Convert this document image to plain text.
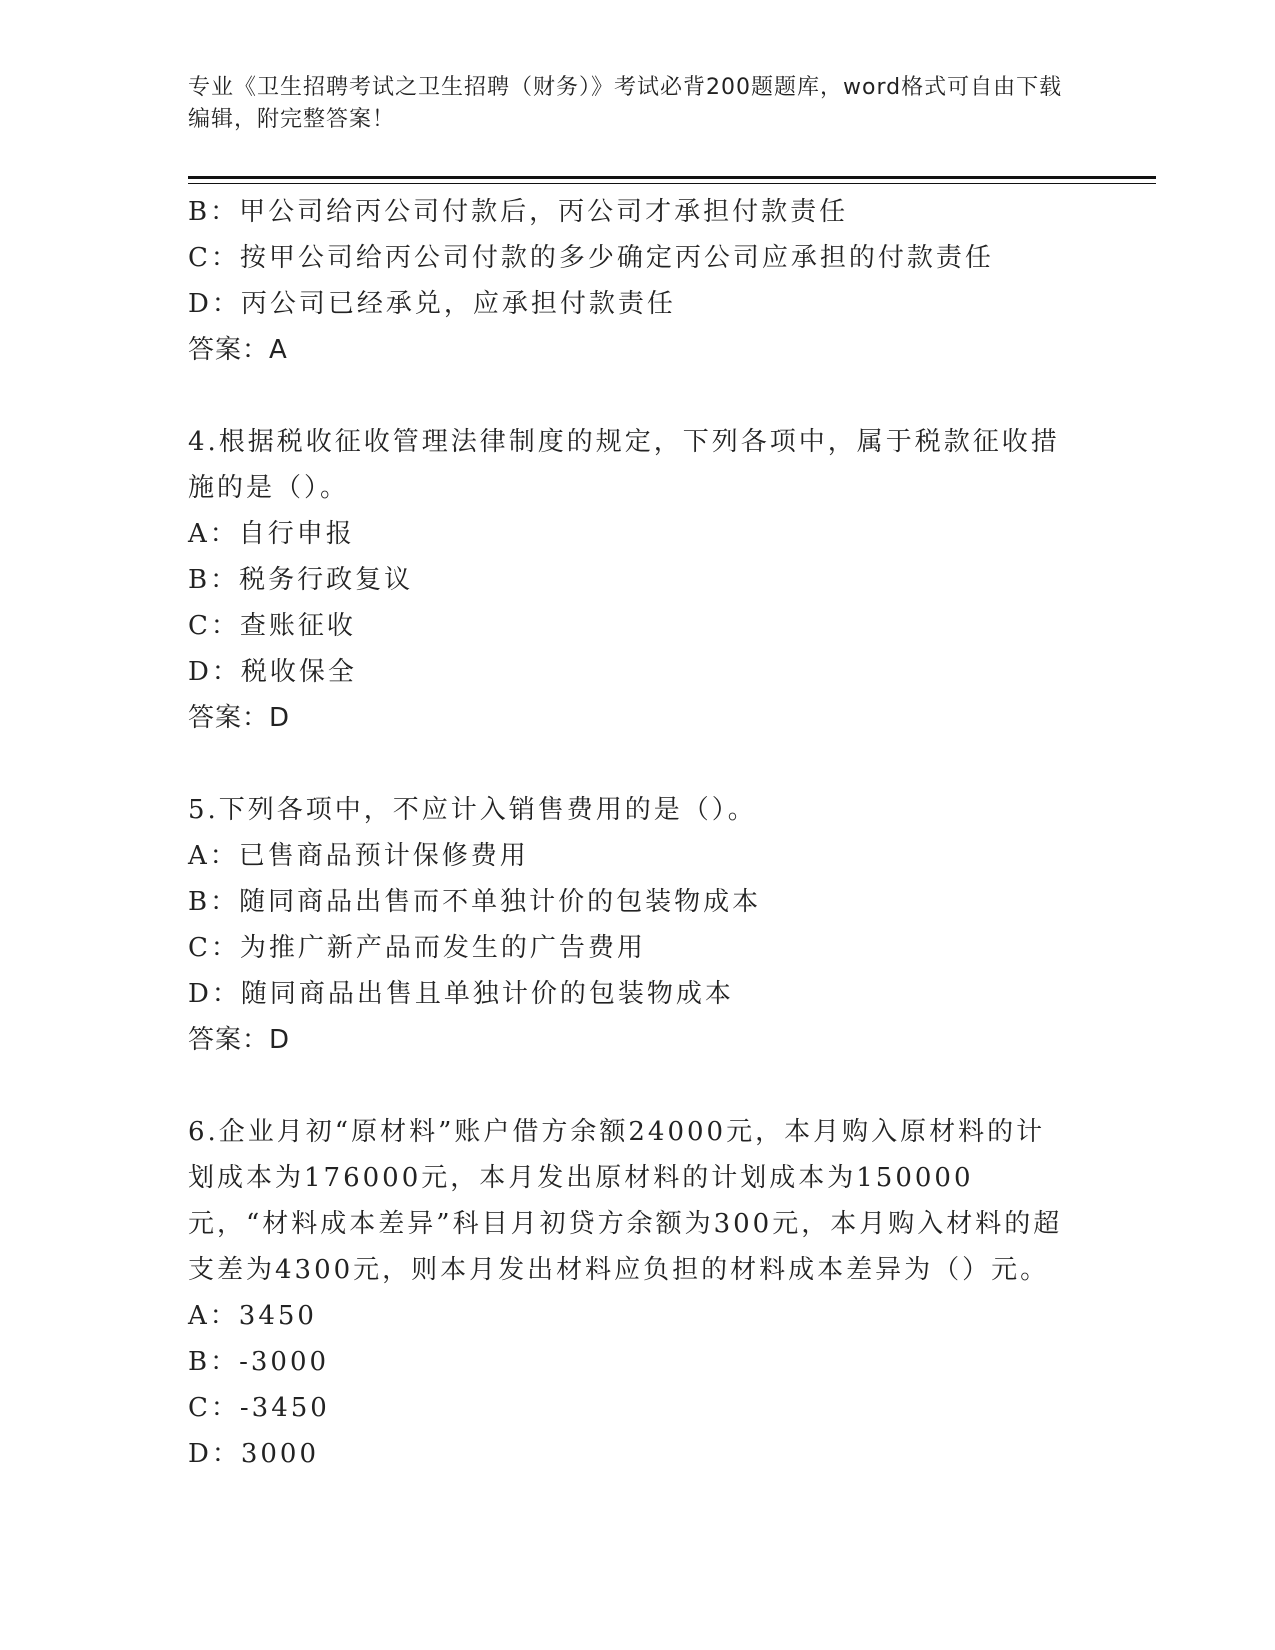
专业《卫生招聘考试之卫生招聘（财务）》考试必背200题题库，word格式可自由下载编辑，附完整答案！
B：甲公司给丙公司付款后，丙公司才承担付款责任
C：按甲公司给丙公司付款的多少确定丙公司应承担的付款责任
D：丙公司已经承兑，应承担付款责任
答案：A
4.根据税收征收管理法律制度的规定，下列各项中，属于税款征收措施的是（）。
A：自行申报
B：税务行政复议
C：查账征收
D：税收保全
答案：D
5.下列各项中，不应计入销售费用的是（）。
A：已售商品预计保修费用
B：随同商品出售而不单独计价的包装物成本
C：为推广新产品而发生的广告费用
D：随同商品出售且单独计价的包装物成本
答案：D
6.企业月初“原材料”账户借方余额24000元，本月购入原材料的计划成本为176000元，本月发出原材料的计划成本为150000元，“材料成本差异”科目月初贷方余额为300元，本月购入材料的超支差为4300元，则本月发出材料应负担的材料成本差异为（）元。
A：3450
B：-3000
C：-3450
D：3000
